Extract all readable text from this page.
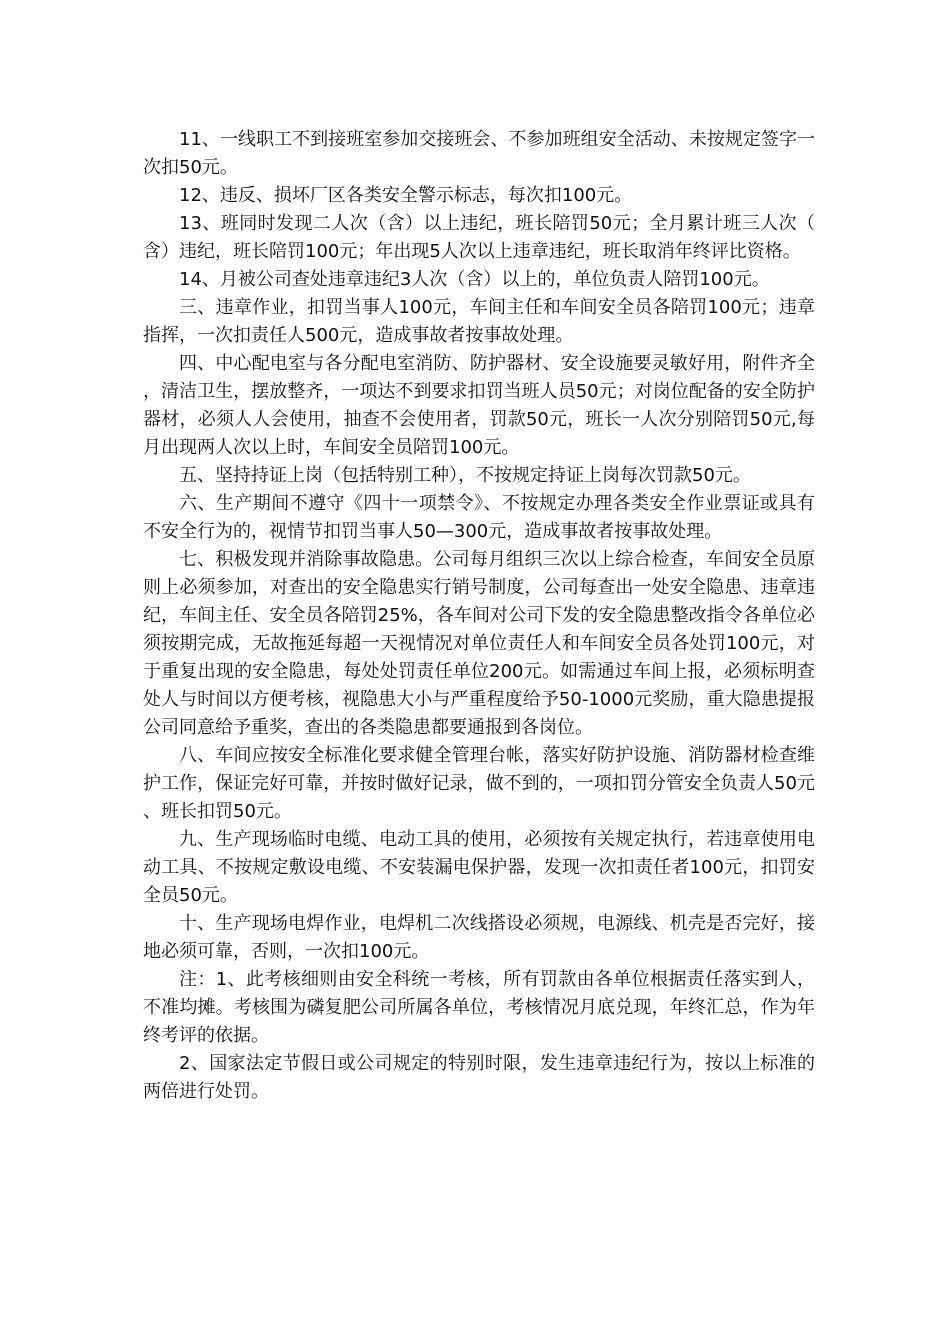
11、一线职工不到接班室参加交接班会、不参加班组安全活动、未按规定签字一次扣50元。

12、违反、损坏厂区各类安全警示标志，每次扣100元。

13、班同时发现二人次（含）以上违纪，班长陪罚50元；全月累计班三人次（含）违纪，班长陪罚100元；年出现5人次以上违章违纪，班长取消年终评比资格。

14、月被公司查处违章违纪3人次（含）以上的，单位负责人陪罚100元。

三、违章作业，扣罚当事人100元，车间主任和车间安全员各陪罚100元；违章指挥，一次扣责任人500元，造成事故者按事故处理。

四、中心配电室与各分配电室消防、防护器材、安全设施要灵敏好用，附件齐全，清洁卫生，摆放整齐，一项达不到要求扣罚当班人员50元；对岗位配备的安全防护器材，必须人人会使用，抽查不会使用者，罚款50元，班长一人次分别陪罚50元,每月出现两人次以上时，车间安全员陪罚100元。

五、坚持持证上岗（包括特别工种），不按规定持证上岗每次罚款50元。

六、生产期间不遵守《四十一项禁令》、不按规定办理各类安全作业票证或具有不安全行为的，视情节扣罚当事人50—300元，造成事故者按事故处理。

七、积极发现并消除事故隐患。公司每月组织三次以上综合检查，车间安全员原则上必须参加，对查出的安全隐患实行销号制度，公司每查出一处安全隐患、违章违纪，车间主任、安全员各陪罚25%，各车间对公司下发的安全隐患整改指令各单位必须按期完成，无故拖延每超一天视情况对单位责任人和车间安全员各处罚100元，对于重复出现的安全隐患，每处处罚责任单位200元。如需通过车间上报，必须标明查处人与时间以方便考核，视隐患大小与严重程度给予50-1000元奖励，重大隐患提报公司同意给予重奖，查出的各类隐患都要通报到各岗位。

八、车间应按安全标准化要求健全管理台帐，落实好防护设施、消防器材检查维护工作，保证完好可靠，并按时做好记录，做不到的，一项扣罚分管安全负责人50元、班长扣罚50元。

九、生产现场临时电缆、电动工具的使用，必须按有关规定执行，若违章使用电动工具、不按规定敷设电缆、不安装漏电保护器，发现一次扣责任者100元，扣罚安全员50元。

十、生产现场电焊作业，电焊机二次线搭设必须规，电源线、机壳是否完好，接地必须可靠，否则，一次扣100元。

注：1、此考核细则由安全科统一考核，所有罚款由各单位根据责任落实到人，不准均摊。考核围为磷复肥公司所属各单位，考核情况月底兑现，年终汇总，作为年终考评的依据。

2、国家法定节假日或公司规定的特别时限，发生违章违纪行为，按以上标准的两倍进行处罚。
